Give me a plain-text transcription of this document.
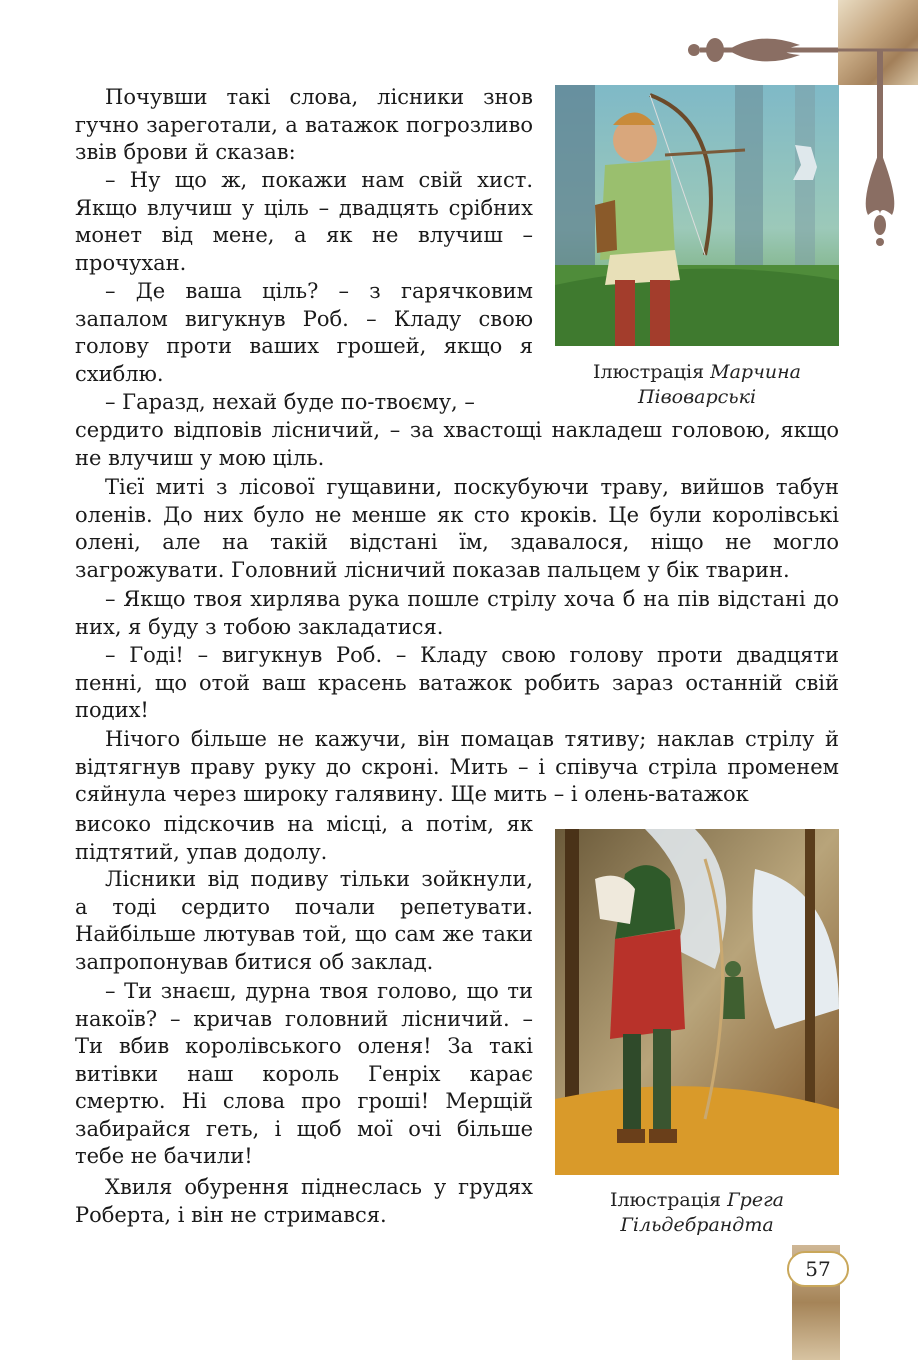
Почувши такі слова, лісники знов гучно зареготали, а ватажок погрозливо звів брови й сказав:

– Ну що ж, покажи нам свій хист. Якщо влучиш у ціль – двадцять срібних монет від мене, а як не влучиш – прочухан.

– Де ваша ціль? – з гарячковим запалом вигукнув Роб. – Кладу свою голову проти ваших грошей, якщо я схиблю.

– Гаразд, нехай буде по-твоєму, –

сердито відповів лісничий, – за хвастощі накладеш головою, якщо не влучиш у мою ціль.

Тієї миті з лісової гущавини, поскубуючи траву, вийшов табун оленів. До них було не менше як сто кроків. Це були королівські олені, але на такій відстані їм, здавалося, ніщо не могло загрожувати. Головний лісничий показав пальцем у бік тварин.

– Якщо твоя хирлява рука пошле стрілу хоча б на пів відстані до них, я буду з тобою закладатися.

– Годі! – вигукнув Роб. – Кладу свою голову проти двадцяти пенні, що отой ваш красень ватажок робить зараз останній свій подих!

Нічого більше не кажучи, він помацав тятиву; наклав стрілу й відтягнув праву руку до скроні. Мить – і співуча стріла променем сяйнула через широку галявину. Ще мить – і олень-ватажок

високо підскочив на місці, а потім, як підтятий, упав додолу.

Лісники від подиву тільки зойкнули, а тоді сердито почали репетувати. Найбільше лютував той, що сам же таки запропонував битися об заклад.

– Ти знаєш, дурна твоя голово, що ти накоїв? – кричав головний лісничий. – Ти вбив королівського оленя! За такі витівки наш король Генріх карає смертю. Ні слова про гроші! Мерщій забирайся геть, і щоб мої очі більше тебе не бачили!

Хвиля обурення піднеслась у грудях Роберта, і він не стримався.

Ілюстрація Марчина Півоварські
Ілюстрація Грега Гільдебрандта
57
